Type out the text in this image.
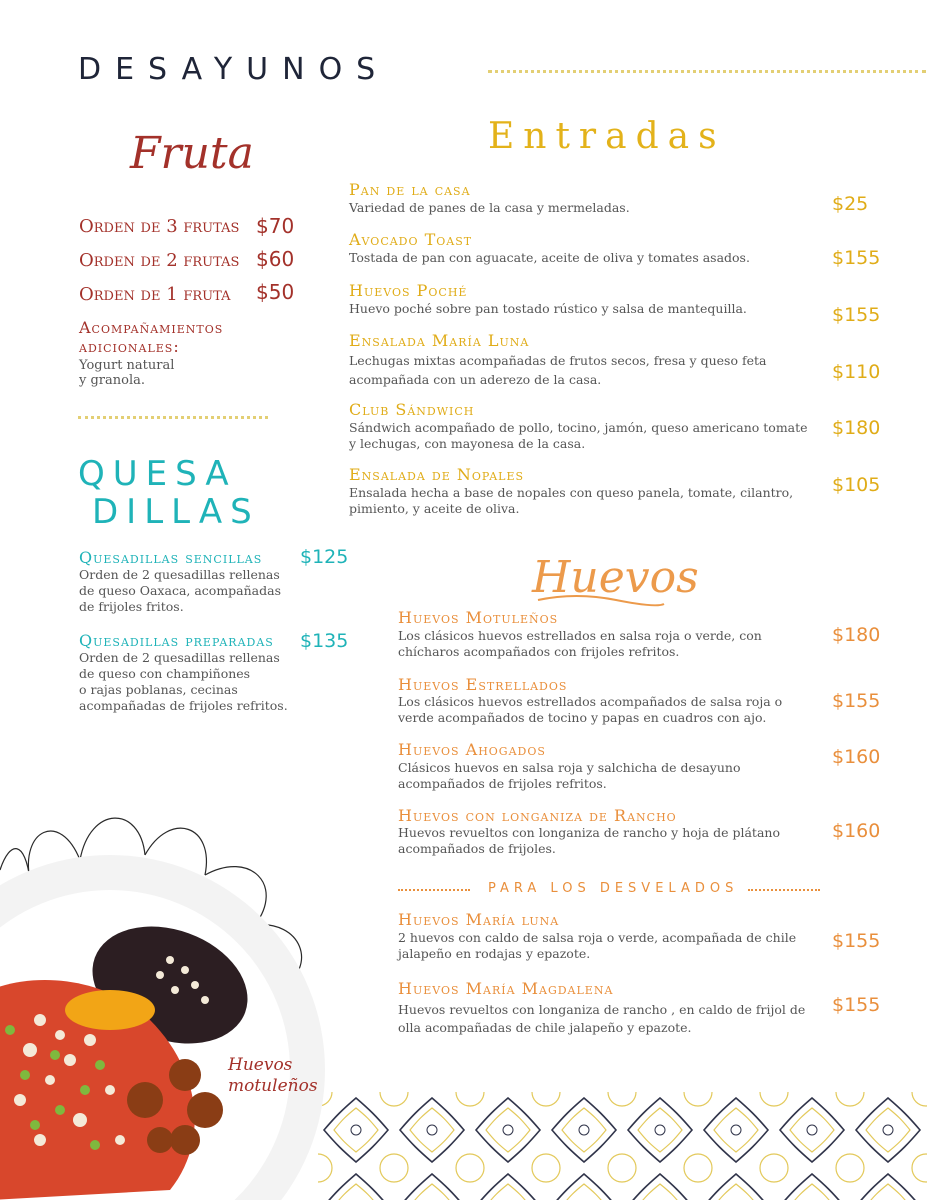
DESAYUNOS
Fruta
Orden de 3 frutas $70
Orden de 2 frutas $60
Orden de 1 fruta $50
Acompañamientos adicionales:
Yogurt natural
y granola.
QUESA
DILLAS
Quesadillas sencillas $125
Orden de 2 quesadillas rellenas
de queso Oaxaca, acompañadas
de frijoles fritos.
Quesadillas preparadas $135
Orden de 2 quesadillas rellenas
de queso con champiñones
o rajas poblanas, cecinas
acompañadas de frijoles refritos.
Entradas
Pan de la casa
Variedad de panes de la casa y mermeladas.	$25
Avocado Toast
Tostada de pan con aguacate, aceite de oliva y tomates asados.	$155
Huevos Poché
Huevo poché sobre pan tostado rústico y salsa de mantequilla.	$155
Ensalada María Luna
Lechugas mixtas acompañadas de frutos secos, fresa y queso feta
acompañada con un aderezo de la casa.	$110
Club Sándwich
Sándwich acompañado de pollo, tocino, jamón, queso americano tomate
y lechugas, con mayonesa de la casa.
$180
Ensalada de Nopales
Ensalada hecha a base de nopales con queso panela, tomate, cilantro,
pimiento, y aceite de oliva.
$105
Huevos
Huevos Motuleños
Los clásicos huevos estrellados en salsa roja o verde, con
chícharos acompañados con frijoles refritos.
$180
Huevos Estrellados
Los clásicos huevos estrellados acompañados de salsa roja o
verde acompañados de tocino y papas en cuadros con ajo.
$155
Huevos Ahogados
Clásicos huevos en salsa roja y salchicha de desayuno
acompañados de frijoles refritos.
$160
Huevos con longaniza de Rancho
Huevos revueltos con longaniza de rancho y hoja de plátano
acompañados de frijoles.
$160
PARA LOS DESVELADOS
Huevos María luna
2 huevos con caldo de salsa roja o verde, acompañada de chile
jalapeño en rodajas y epazote.
$155
Huevos María Magdalena
Huevos revueltos con longaniza de rancho , en caldo de frijol de
olla acompañadas de chile jalapeño y epazote.
$155
Huevos
motuleños
